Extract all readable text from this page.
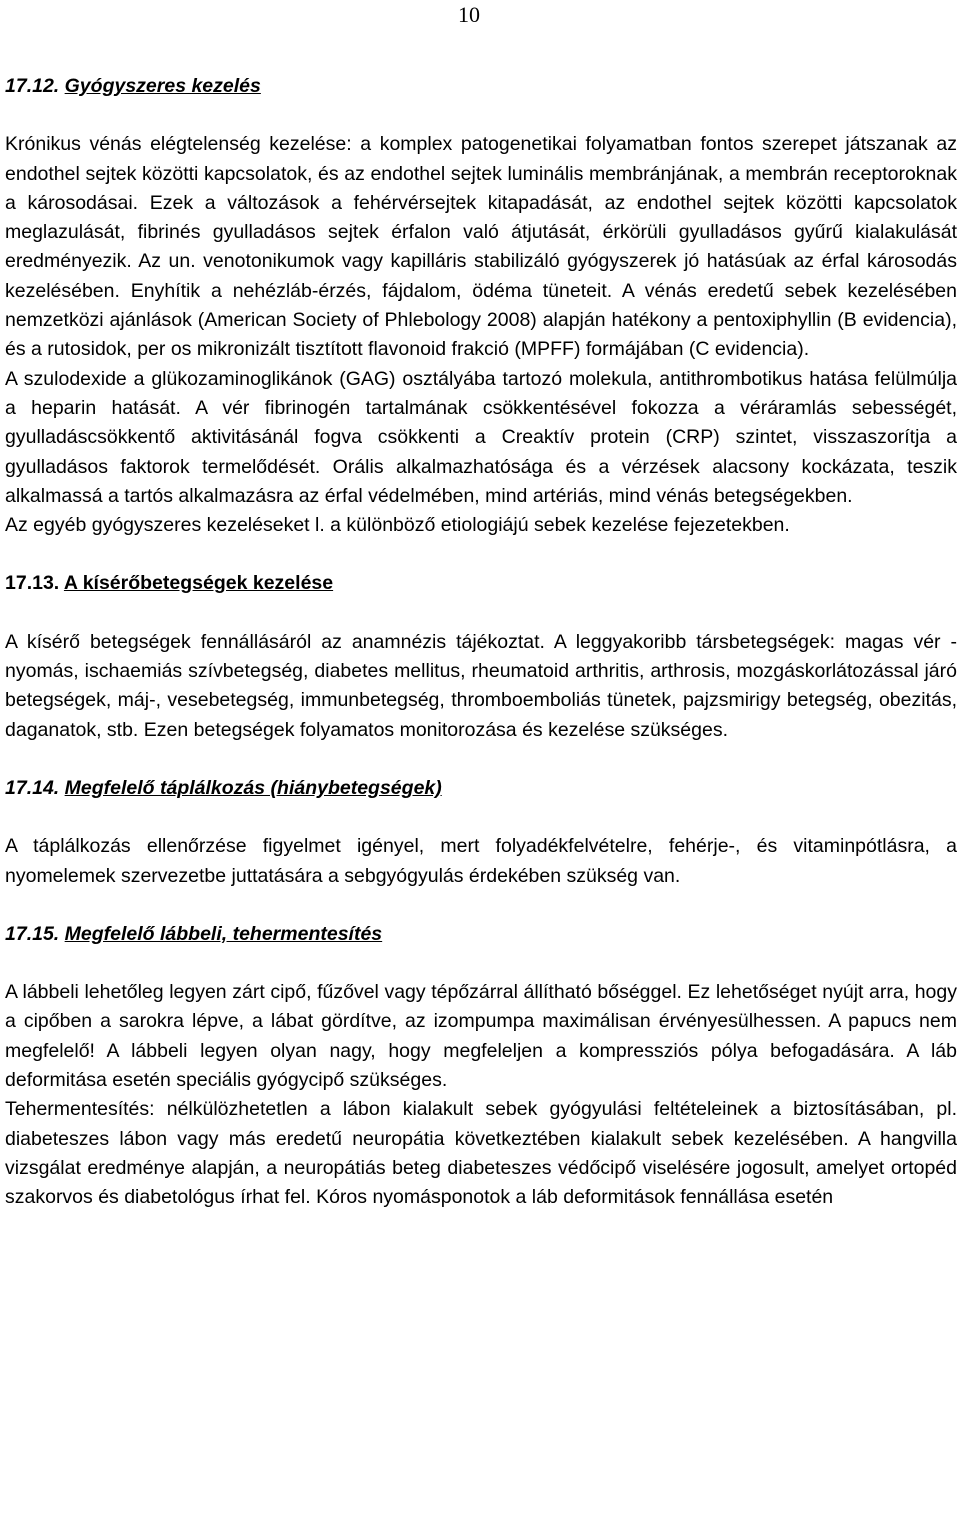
10
17.12. Gyógyszeres kezelés

Krónikus vénás elégtelenség kezelése: a komplex patogenetikai folyamatban fontos szerepet játszanak az endothel sejtek közötti kapcsolatok, és az endothel sejtek luminális membránjának, a membrán receptoroknak a károsodásai. Ezek a változások a fehérvérsejtek kitapadását, az endothel sejtek közötti kapcsolatok meglazulását, fibrinés gyulladásos sejtek érfalon való átjutását, érkörüli gyulladásos gyűrű kialakulását eredményezik. Az un. venotonikumok vagy kapilláris stabilizáló gyógyszerek jó hatásúak az érfal károsodás kezelésében. Enyhítik a nehézláb-érzés, fájdalom, ödéma tüneteit. A vénás eredetű sebek kezelésében nemzetközi ajánlások (American Society of Phlebology 2008) alapján hatékony a pentoxiphyllin (B evidencia), és a rutosidok, per os mikronizált tisztított flavonoid frakció (MPFF) formájában (C evidencia).

A szulodexide a glükozaminoglikánok (GAG) osztályába tartozó molekula, antithrombotikus hatása felülmúlja a heparin hatását. A vér fibrinogén tartalmának csökkentésével fokozza a véráramlás sebességét, gyulladáscsökkentő aktivitásánál fogva csökkenti a Creaktív protein (CRP) szintet, visszaszorítja a gyulladásos faktorok termelődését. Orális alkalmazhatósága és a vérzések alacsony kockázata, teszik alkalmassá a tartós alkalmazásra az érfal védelmében, mind artériás, mind vénás betegségekben.

Az egyéb gyógyszeres kezeléseket l. a különböző etiologiájú sebek kezelése fejezetekben.

17.13. A kísérőbetegségek kezelése

A kísérő betegségek fennállásáról az anamnézis tájékoztat. A leggyakoribb társbetegségek: magas vér - nyomás, ischaemiás szívbetegség, diabetes mellitus, rheumatoid arthritis, arthrosis, mozgáskorlátozással járó betegségek, máj-, vesebetegség, immunbetegség, thromboemboliás tünetek, pajzsmirigy betegség, obezitás, daganatok, stb. Ezen betegségek folyamatos monitorozása és kezelése szükséges.

17.14. Megfelelő táplálkozás (hiánybetegségek)

A táplálkozás ellenőrzése figyelmet igényel, mert folyadékfelvételre, fehérje-, és vitaminpótlásra, a nyomelemek szervezetbe juttatására a sebgyógyulás érdekében szükség van.

17.15. Megfelelő lábbeli, tehermentesítés

A lábbeli lehetőleg legyen zárt cipő, fűzővel vagy tépőzárral állítható bőséggel. Ez lehetőséget nyújt arra, hogy a cipőben a sarokra lépve, a lábat gördítve, az izompumpa maximálisan érvényesülhessen. A papucs nem megfelelő! A lábbeli legyen olyan nagy, hogy megfeleljen a kompressziós pólya befogadására. A láb deformitása esetén speciális gyógycipő szükséges.

Tehermentesítés: nélkülözhetetlen a lábon kialakult sebek gyógyulási feltételeinek a biztosításában, pl. diabeteszes lábon vagy más eredetű neuropátia következtében kialakult sebek kezelésében. A hangvilla vizsgálat eredménye alapján, a neuropátiás beteg diabeteszes védőcipő viselésére jogosult, amelyet ortopéd szakorvos és diabetológus írhat fel. Kóros nyomásponotok a láb deformitások fennállása esetén
